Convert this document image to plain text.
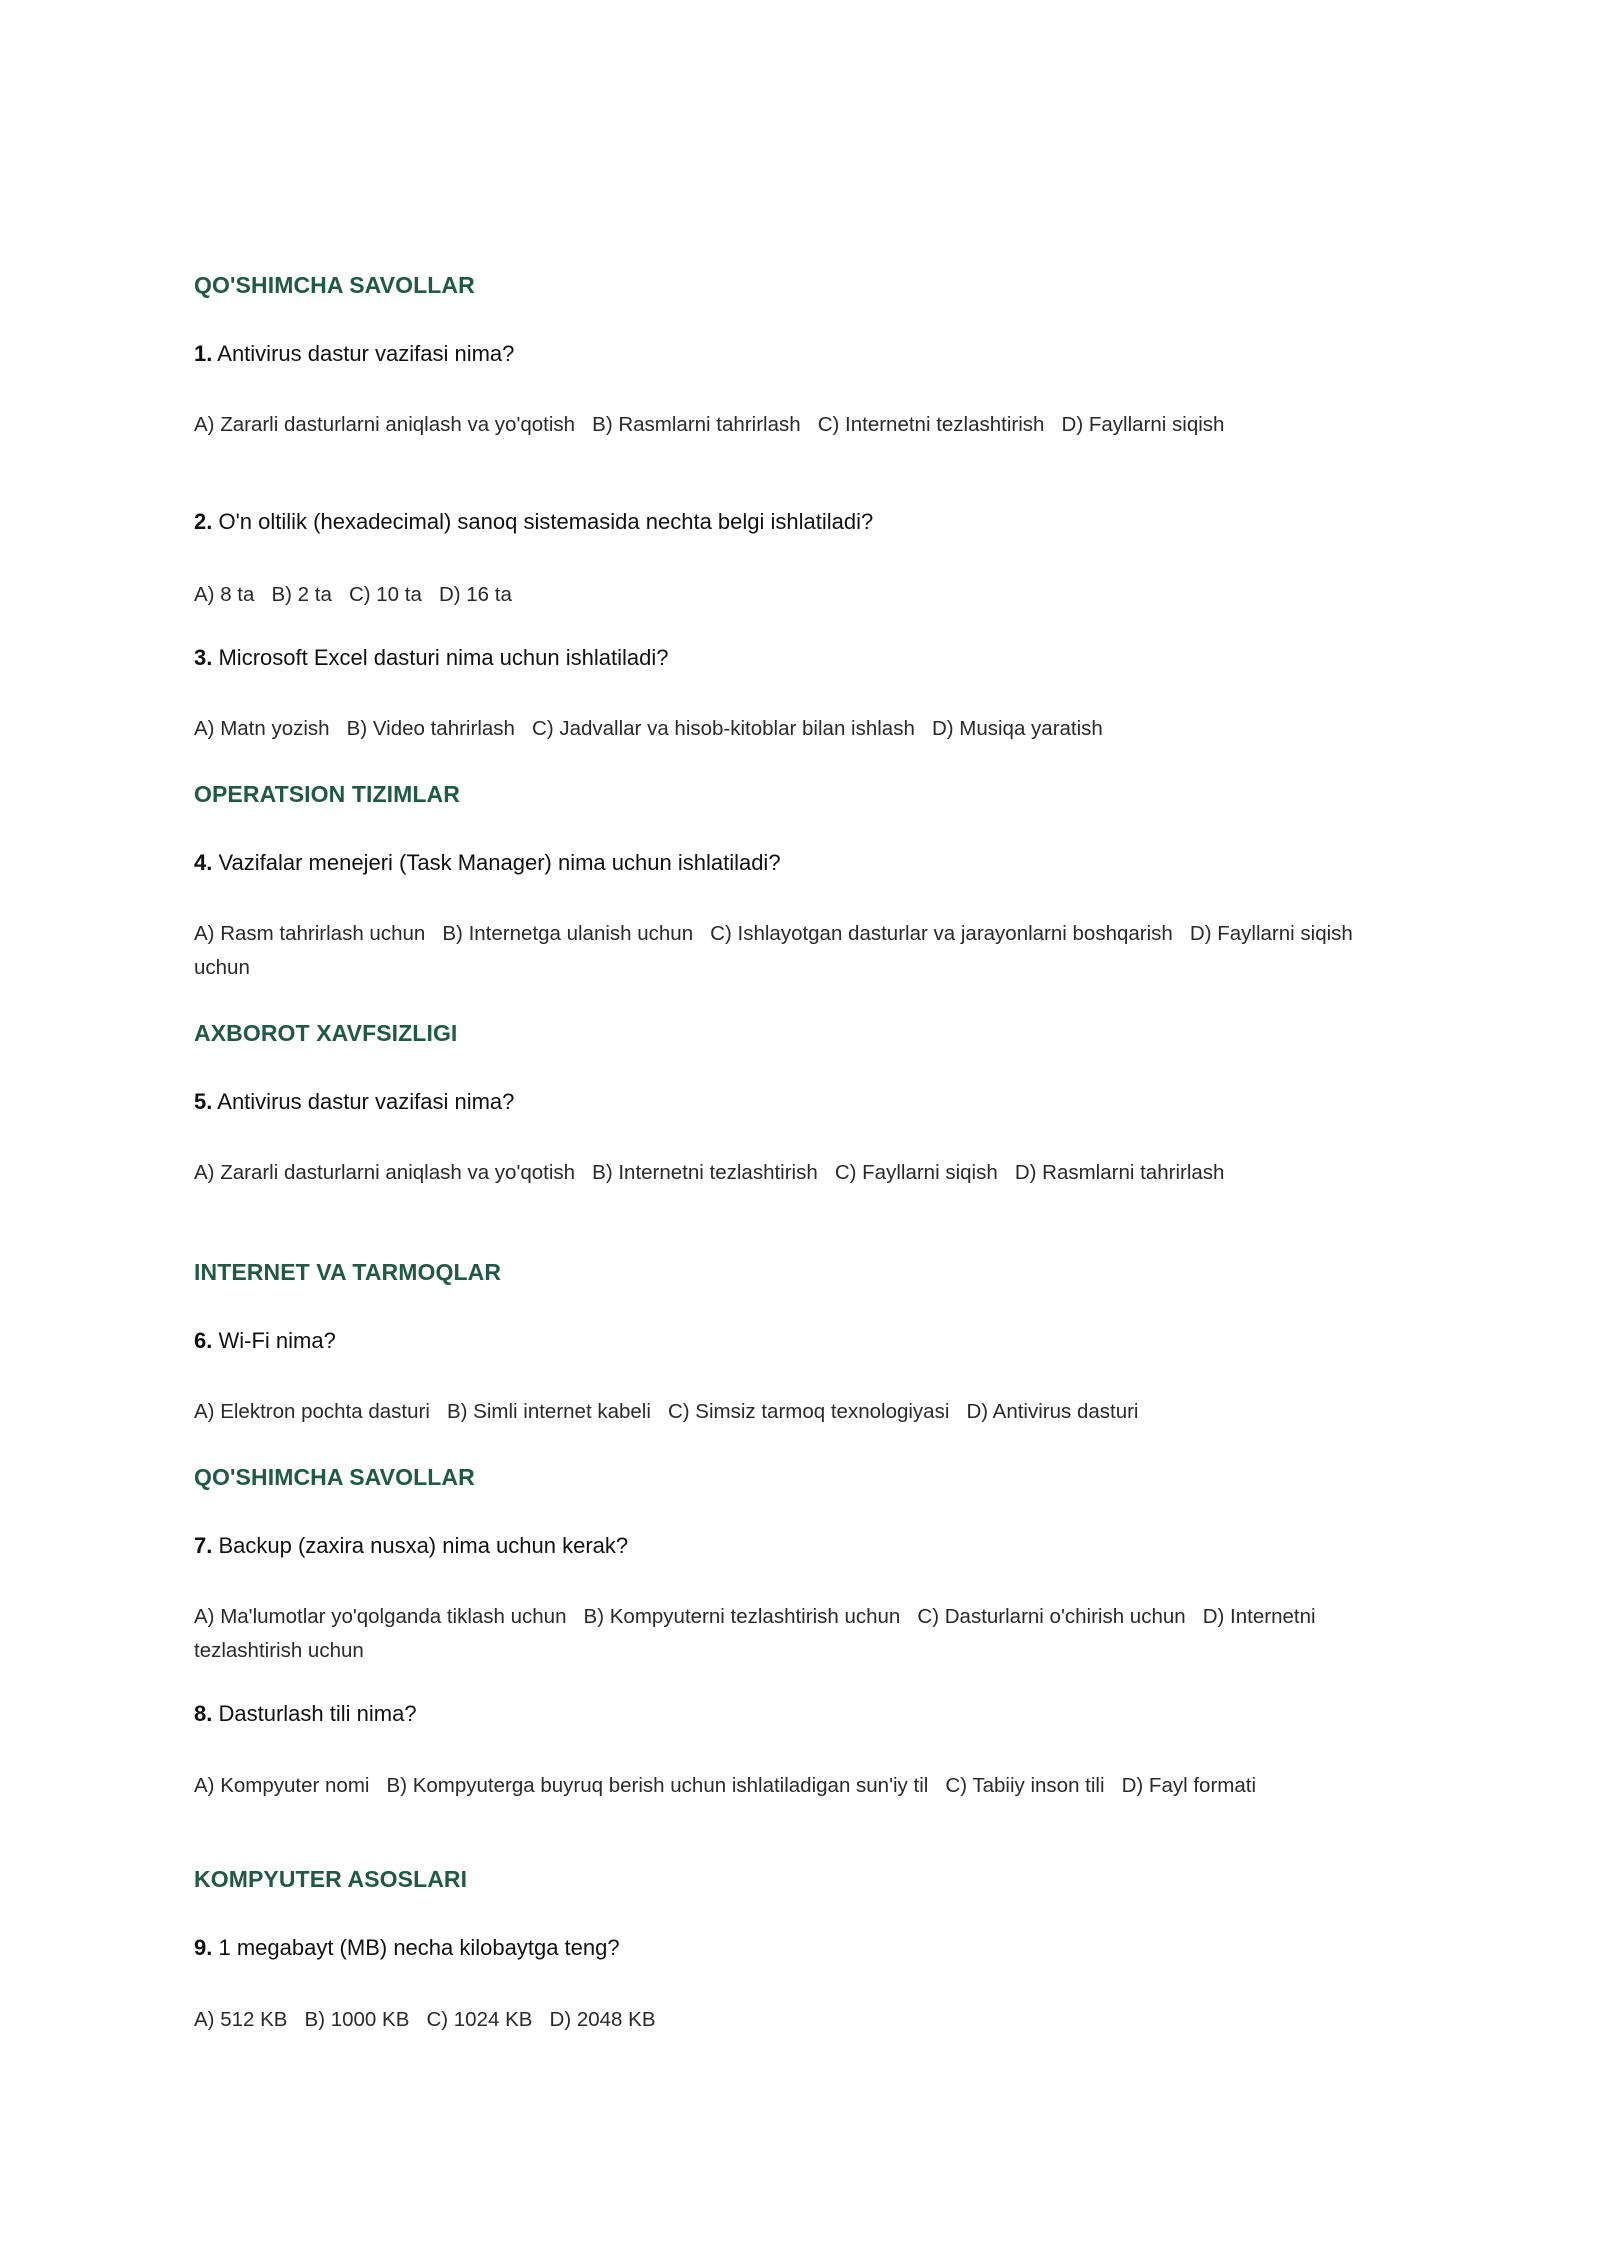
QO'SHIMCHA SAVOLLAR
1. Antivirus dastur vazifasi nima?
A) Zararli dasturlarni aniqlash va yo'qotish   B) Rasmlarni tahrirlash   C) Internetni tezlashtirish   D) Fayllarni siqish
2. O'n oltilik (hexadecimal) sanoq sistemasida nechta belgi ishlatiladi?
A) 8 ta   B) 2 ta   C) 10 ta   D) 16 ta
3. Microsoft Excel dasturi nima uchun ishlatiladi?
A) Matn yozish   B) Video tahrirlash   C) Jadvallar va hisob-kitoblar bilan ishlash   D) Musiqa yaratish
OPERATSION TIZIMLAR
4. Vazifalar menejeri (Task Manager) nima uchun ishlatiladi?
A) Rasm tahrirlash uchun   B) Internetga ulanish uchun   C) Ishlayotgan dasturlar va jarayonlarni boshqarish   D) Fayllarni siqish uchun
AXBOROT XAVFSIZLIGI
5. Antivirus dastur vazifasi nima?
A) Zararli dasturlarni aniqlash va yo'qotish   B) Internetni tezlashtirish   C) Fayllarni siqish   D) Rasmlarni tahrirlash
INTERNET VA TARMOQLAR
6. Wi-Fi nima?
A) Elektron pochta dasturi   B) Simli internet kabeli   C) Simsiz tarmoq texnologiyasi   D) Antivirus dasturi
QO'SHIMCHA SAVOLLAR
7. Backup (zaxira nusxa) nima uchun kerak?
A) Ma'lumotlar yo'qolganda tiklash uchun   B) Kompyuterni tezlashtirish uchun   C) Dasturlarni o'chirish uchun   D) Internetni tezlashtirish uchun
8. Dasturlash tili nima?
A) Kompyuter nomi   B) Kompyuterga buyruq berish uchun ishlatiladigan sun'iy til   C) Tabiiy inson tili   D) Fayl formati
KOMPYUTER ASOSLARI
9. 1 megabayt (MB) necha kilobaytga teng?
A) 512 KB   B) 1000 KB   C) 1024 KB   D) 2048 KB
